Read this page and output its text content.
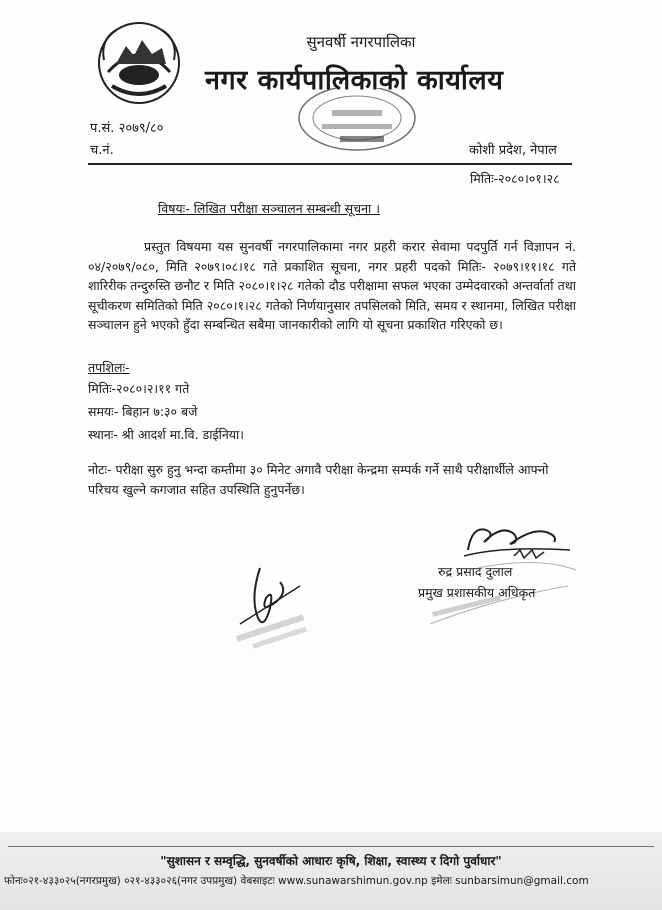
सुनवर्षी नगरपालिका
नगर कार्यपालिकाको कार्यालय
प.सं. २०७९/८०
च.नं.	कोशी प्रदेश, नेपाल
मितिः-२०८०।०१।२८
विषयः- लिखित परीक्षा सञ्चालन सम्बन्धी सूचना ।
प्रस्तुत विषयमा यस सुनवर्षी नगरपालिकामा नगर प्रहरी करार सेवामा पदपुर्ति गर्न विज्ञापन नं. ०४/२०७९/०८०, मिति २०७९।०८।१८ गते प्रकाशित सूचना, नगर प्रहरी पदको मितिः- २०७९।११।१८ गते शारिरीक तन्दुरुस्ति छनौट र मिति २०८०।१।२८ गतेको दौड परीक्षामा सफल भएका उम्मेदवारको अन्तर्वार्ता तथा सूचीकरण समितिको मिति २०८०।१।२८ गतेको निर्णयानुसार तपसिलको मिति, समय र स्थानमा, लिखित परीक्षा सञ्चालन हुने भएको हुँदा सम्बन्धित सबैमा जानकारीको लागि यो सूचना प्रकाशित गरिएको छ।
तपशिलः-
मितिः-२०८०।२।११ गते
समयः- बिहान ७:३० बजे
स्थानः- श्री आदर्श मा.वि. डाईनिया।
नोटः- परीक्षा सुरु हुनु भन्दा कम्तीमा ३० मिनेट अगावै परीक्षा केन्द्रमा सम्पर्क गर्ने साथै परीक्षार्थीले आफ्नो परिचय खुल्ने कगजात सहित उपस्थिति हुनुपर्नेछ।
रुद्र प्रसाद दुलाल
प्रमुख प्रशासकीय अधिकृत
"सुशासन र सम्वृद्धि, सुनवर्षीको आधारः कृषि, शिक्षा, स्वास्थ्य र दिगो पुर्वाधार"
फोनः०२१-४३३०२५(नगरप्रमुख) ०२१-४३३०२६(नगर उपप्रमुख) वेबसाइटः www.sunawarshimun.gov.np इमेलः sunbarsimun@gmail.com
